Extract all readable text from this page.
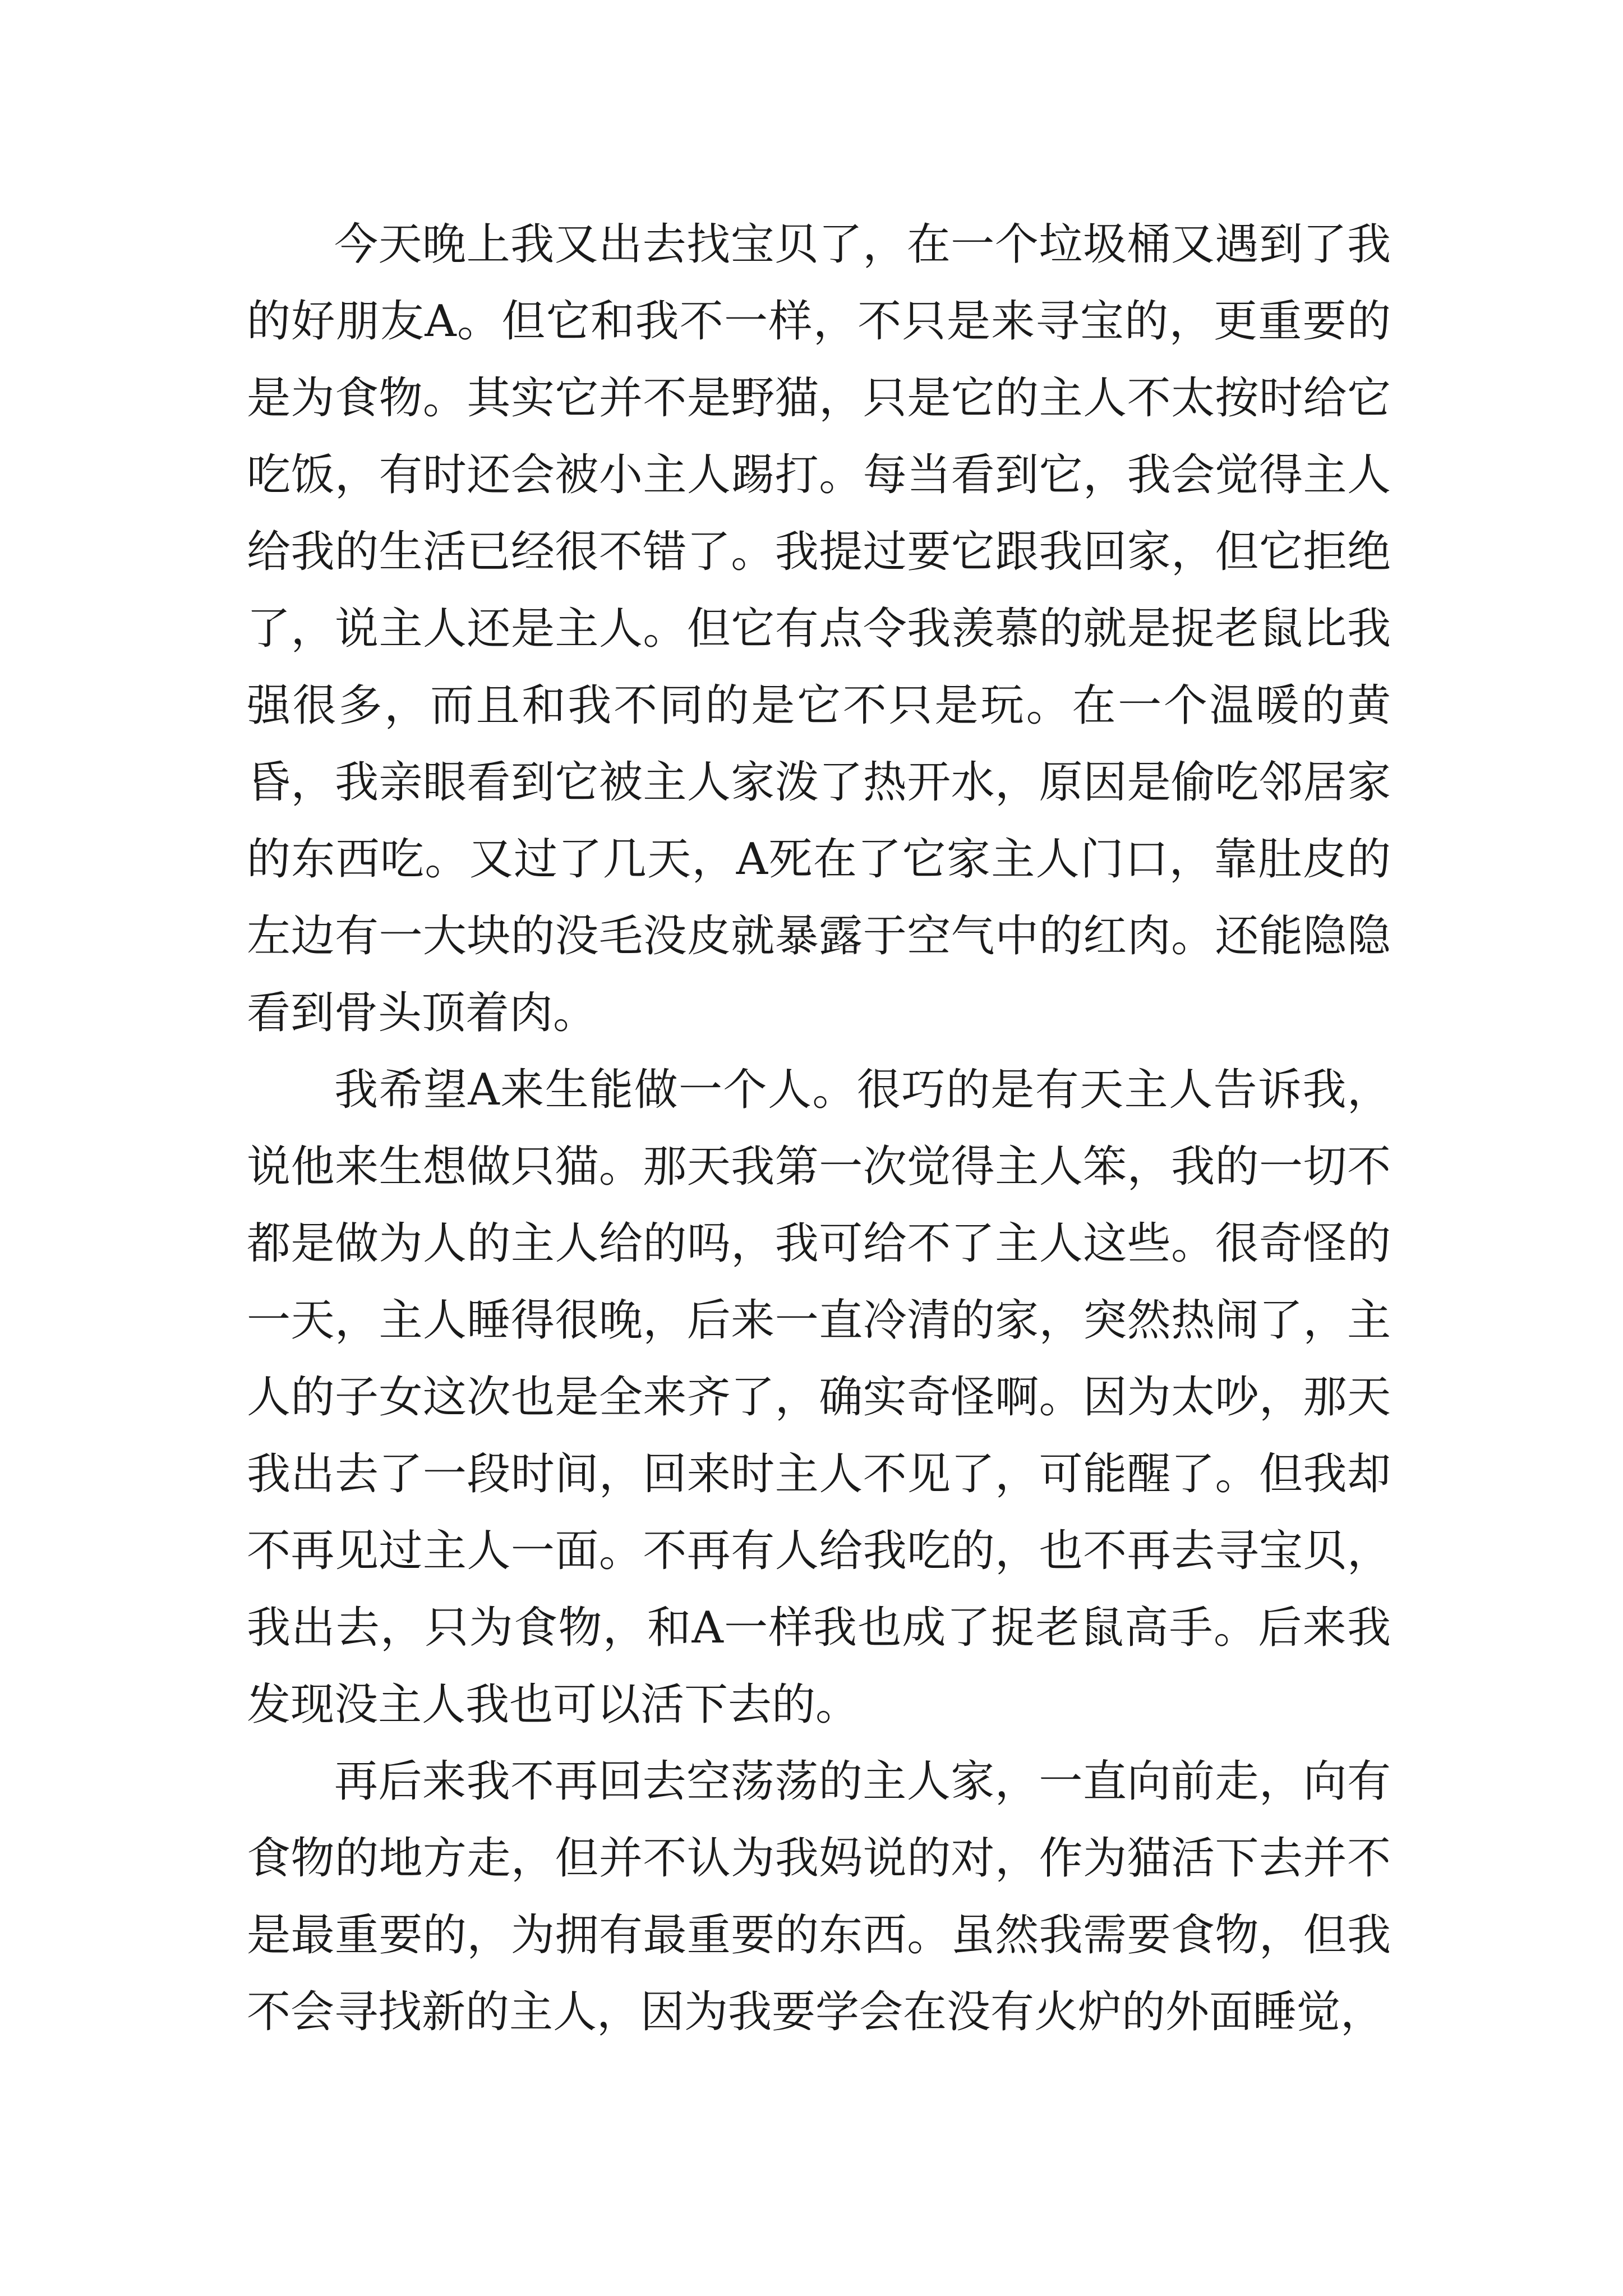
今天晚上我又出去找宝贝了，在一个垃圾桶又遇到了我的好朋友A。但它和我不一样，不只是来寻宝的，更重要的是为食物。其实它并不是野猫，只是它的主人不太按时给它吃饭，有时还会被小主人踢打。每当看到它，我会觉得主人给我的生活已经很不错了。我提过要它跟我回家，但它拒绝了，说主人还是主人。但它有点令我羡慕的就是捉老鼠比我强很多，而且和我不同的是它不只是玩。在一个温暖的黄昏，我亲眼看到它被主人家泼了热开水，原因是偷吃邻居家的东西吃。又过了几天，A死在了它家主人门口，靠肚皮的左边有一大块的没毛没皮就暴露于空气中的红肉。还能隐隐看到骨头顶着肉。

我希望A来生能做一个人。很巧的是有天主人告诉我，说他来生想做只猫。那天我第一次觉得主人笨，我的一切不都是做为人的主人给的吗，我可给不了主人这些。很奇怪的一天，主人睡得很晚，后来一直冷清的家，突然热闹了，主人的子女这次也是全来齐了，确实奇怪啊。因为太吵，那天我出去了一段时间，回来时主人不见了，可能醒了。但我却不再见过主人一面。不再有人给我吃的，也不再去寻宝贝，我出去，只为食物，和A一样我也成了捉老鼠高手。后来我发现没主人我也可以活下去的。

再后来我不再回去空荡荡的主人家，一直向前走，向有食物的地方走，但并不认为我妈说的对，作为猫活下去并不是最重要的，为拥有最重要的东西。虽然我需要食物，但我不会寻找新的主人，因为我要学会在没有火炉的外面睡觉，
